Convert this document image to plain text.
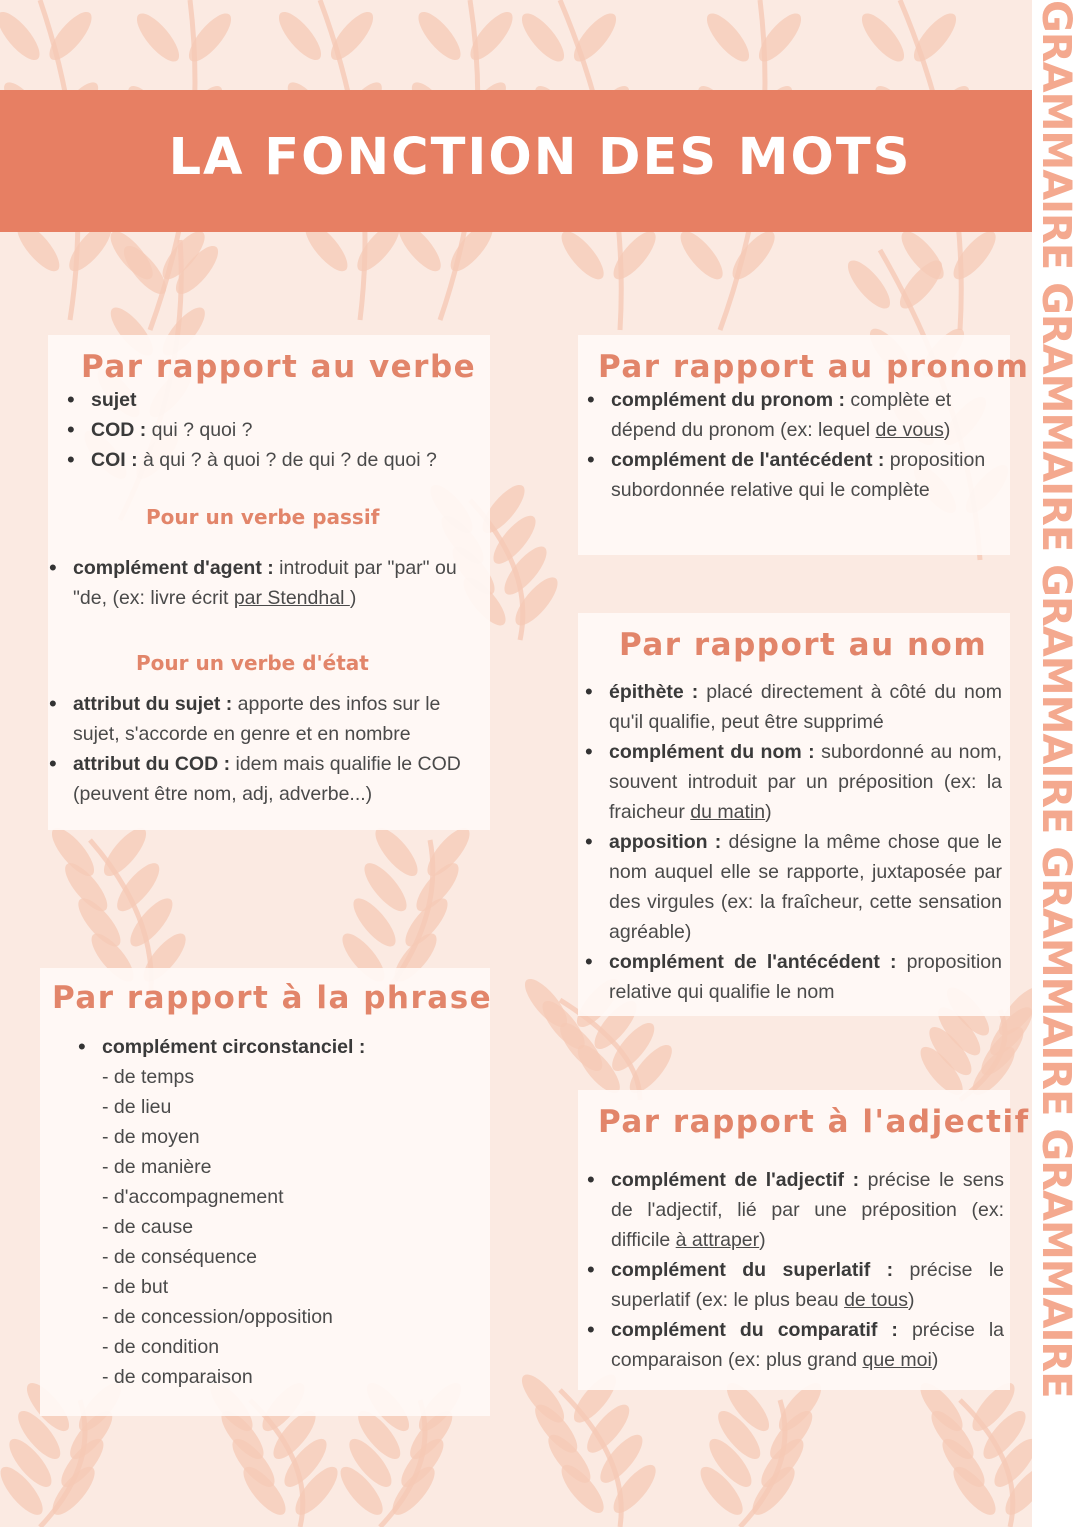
LA FONCTION DES MOTS	GRAMMAIRE GRAMMAIRE GRAMMAIRE GRAMMAIRE GRAMMAIRE
Par rapport au verbe
• sujet
• COD : qui ? quoi ?
• COI : à qui ? à quoi ? de qui ? de quoi ?
Pour un verbe passif
• complément d'agent : introduit par "par" ou "de, (ex: livre écrit par Stendhal )
Pour un verbe d'état
• attribut du sujet : apporte des infos sur le sujet, s'accorde en genre et en nombre
• attribut du COD : idem mais qualifie le COD (peuvent être nom, adj, adverbe...)
Par rapport au pronom
• complément du pronom : complète et dépend du pronom (ex: lequel de vous)
• complément de l'antécédent : proposition subordonnée relative qui le complète
Par rapport au nom
• épithète : placé directement à côté du nom qu'il qualifie, peut être supprimé
• complément du nom : subordonné au nom, souvent introduit par un préposition (ex: la fraicheur du matin)
• apposition : désigne la même chose que le nom auquel elle se rapporte, juxtaposée par des virgules (ex: la fraîcheur, cette sensation agréable)
• complément de l'antécédent : proposition relative qui qualifie le nom
Par rapport à la phrase
• complément circonstanciel :
- de temps
- de lieu
- de moyen
- de manière
- d'accompagnement
- de cause
- de conséquence
- de but
- de concession/opposition
- de condition
- de comparaison
Par rapport à l'adjectif
• complément de l'adjectif : précise le sens de l'adjectif, lié par une préposition (ex: difficile à attraper)
• complément du superlatif : précise le superlatif (ex: le plus beau de tous)
• complément du comparatif : précise la comparaison (ex: plus grand que moi)
